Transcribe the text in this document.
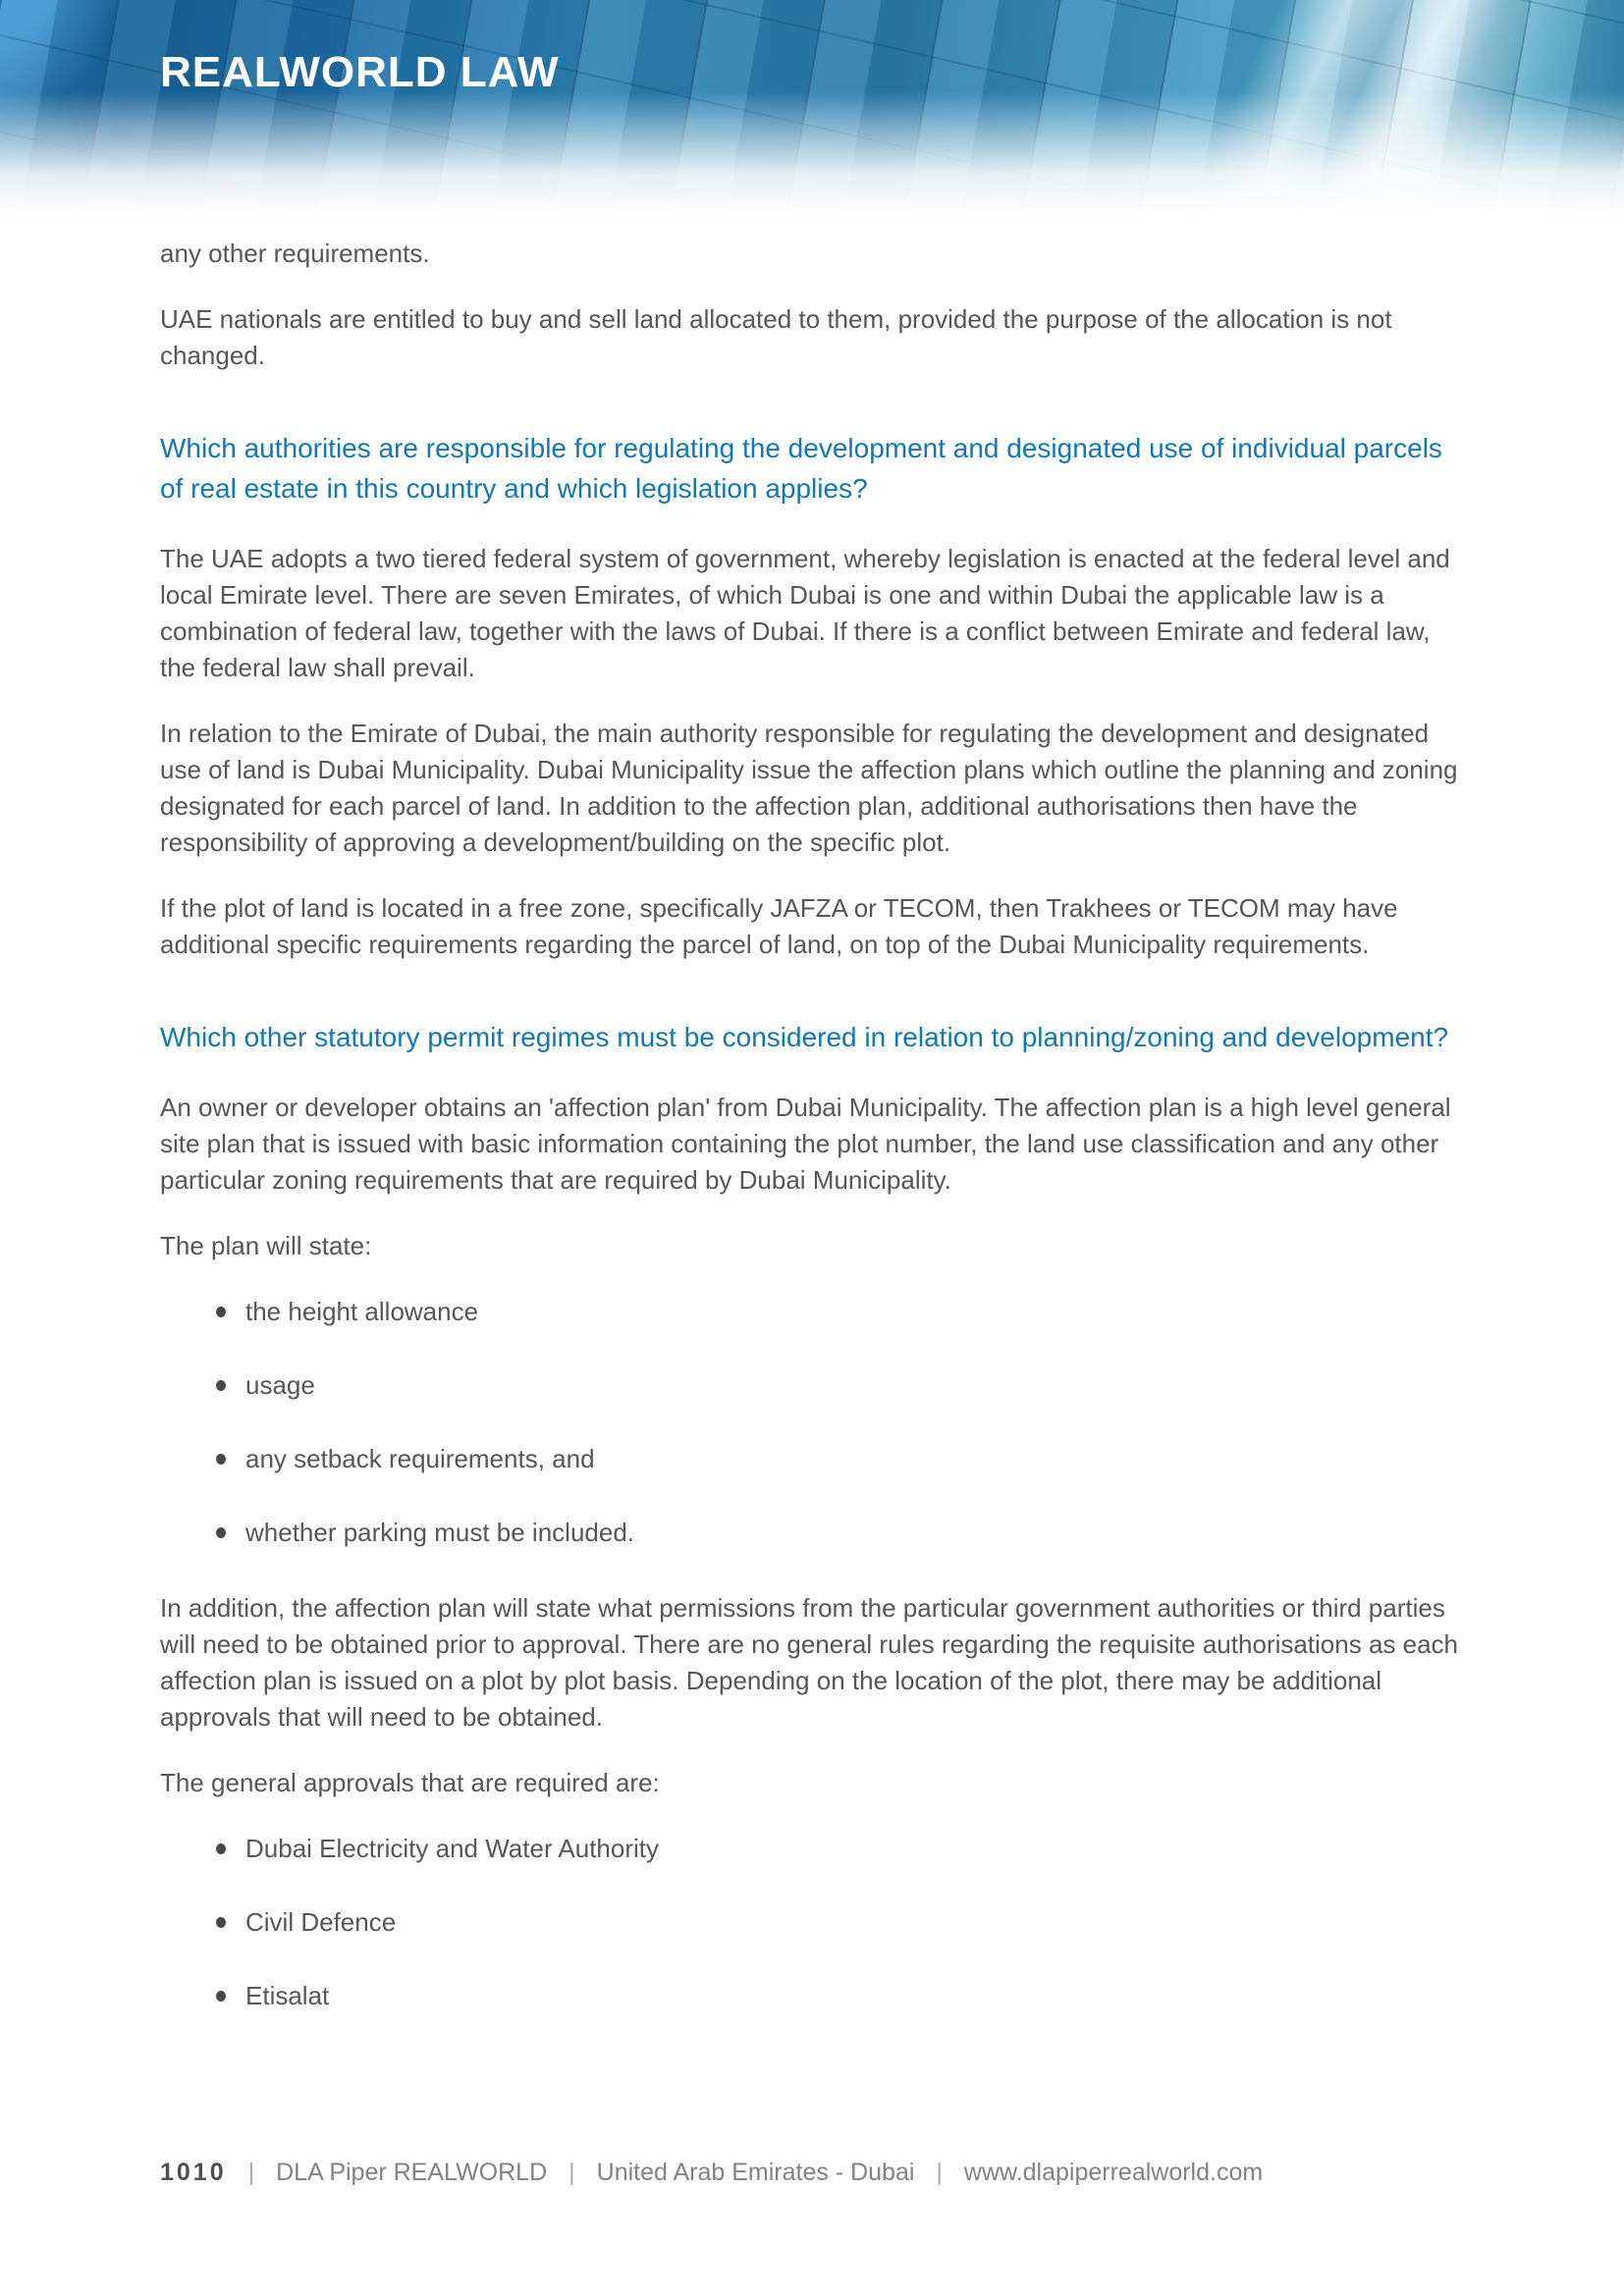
REALWORLD LAW

any other requirements.

UAE nationals are entitled to buy and sell land allocated to them, provided the purpose of the allocation is not changed.

Which authorities are responsible for regulating the development and designated use of individual parcels of real estate in this country and which legislation applies?

The UAE adopts a two tiered federal system of government, whereby legislation is enacted at the federal level and local Emirate level. There are seven Emirates, of which Dubai is one and within Dubai the applicable law is a combination of federal law, together with the laws of Dubai. If there is a conflict between Emirate and federal law, the federal law shall prevail.

In relation to the Emirate of Dubai, the main authority responsible for regulating the development and designated use of land is Dubai Municipality. Dubai Municipality issue the affection plans which outline the planning and zoning designated for each parcel of land. In addition to the affection plan, additional authorisations then have the responsibility of approving a development/building on the specific plot.

If the plot of land is located in a free zone, specifically JAFZA or TECOM, then Trakhees or TECOM may have additional specific requirements regarding the parcel of land, on top of the Dubai Municipality requirements.

Which other statutory permit regimes must be considered in relation to planning/zoning and development?

An owner or developer obtains an 'affection plan' from Dubai Municipality. The affection plan is a high level general site plan that is issued with basic information containing the plot number, the land use classification and any other particular zoning requirements that are required by Dubai Municipality.

The plan will state:

the height allowance
usage
any setback requirements, and
whether parking must be included.

In addition, the affection plan will state what permissions from the particular government authorities or third parties will need to be obtained prior to approval. There are no general rules regarding the requisite authorisations as each affection plan is issued on a plot by plot basis. Depending on the location of the plot, there may be additional approvals that will need to be obtained.

The general approvals that are required are:

Dubai Electricity and Water Authority
Civil Defence
Etisalat
1010 | DLA Piper REALWORLD | United Arab Emirates - Dubai | www.dlapiperrealworld.com
